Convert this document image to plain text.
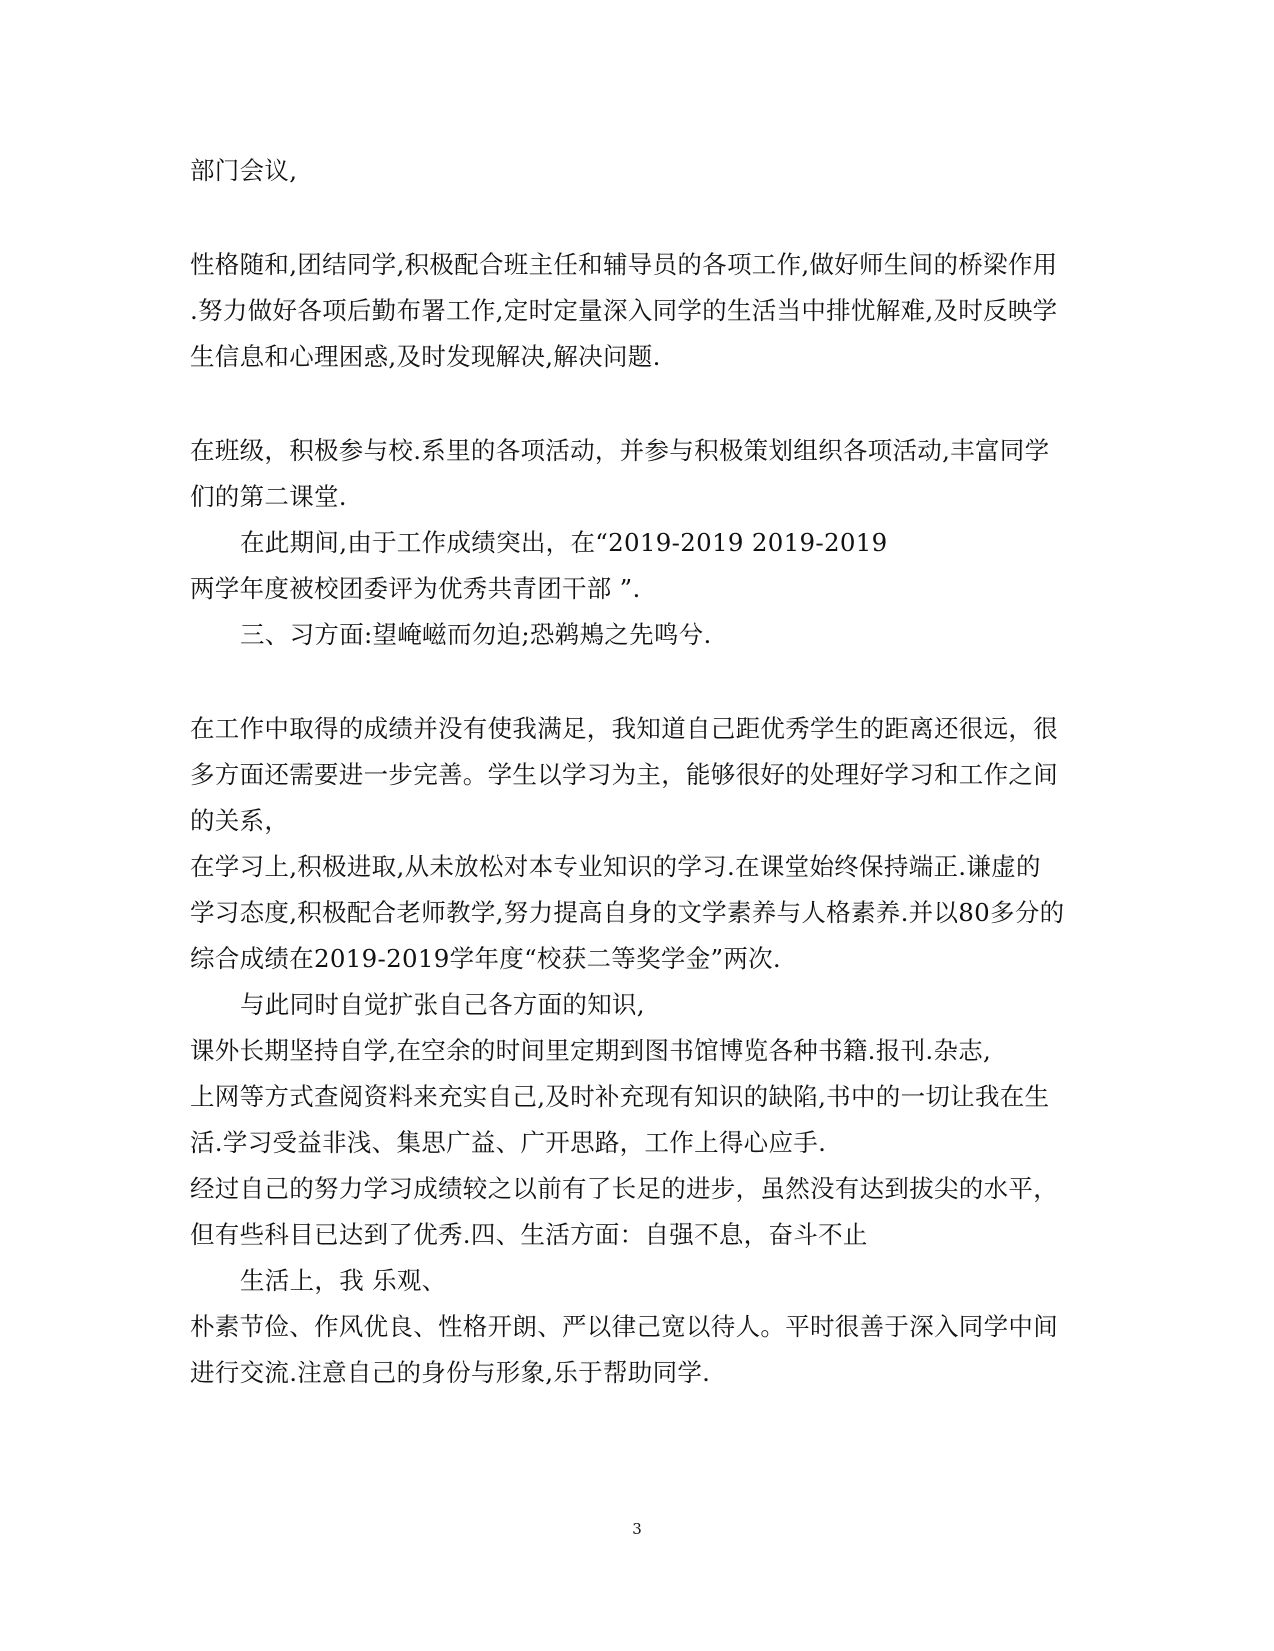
部门会议,
性格随和,团结同学,积极配合班主任和辅导员的各项工作,做好师生间的桥梁作用
.努力做好各项后勤布署工作,定时定量深入同学的生活当中排忧解难,及时反映学
生信息和心理困惑,及时发现解决,解决问题.
在班级，积极参与校.系里的各项活动，并参与积极策划组织各项活动,丰富同学
们的第二课堂.
在此期间,由于工作成绩突出，在“2019-2019 2019-2019
两学年度被校团委评为优秀共青团干部 ”.
三、习方面:望崦嵫而勿迫;恐鹈鴂之先鸣兮.
在工作中取得的成绩并没有使我满足，我知道自己距优秀学生的距离还很远，很
多方面还需要进一步完善。学生以学习为主，能够很好的处理好学习和工作之间
的关系，
在学习上,积极进取,从未放松对本专业知识的学习.在课堂始终保持端正.谦虚的
学习态度,积极配合老师教学,努力提高自身的文学素养与人格素养.并以80多分的
综合成绩在2019-2019学年度“校获二等奖学金”两次.
与此同时自觉扩张自己各方面的知识,
课外长期坚持自学,在空余的时间里定期到图书馆博览各种书籍.报刊.杂志,
上网等方式查阅资料来充实自己,及时补充现有知识的缺陷,书中的一切让我在生
活.学习受益非浅、集思广益、广开思路，工作上得心应手.
经过自己的努力学习成绩较之以前有了长足的进步，虽然没有达到拔尖的水平，
但有些科目已达到了优秀.四、生活方面：自强不息，奋斗不止
生活上，我 乐观、
朴素节俭、作风优良、性格开朗、严以律己宽以待人。平时很善于深入同学中间
进行交流.注意自己的身份与形象,乐于帮助同学.
3
